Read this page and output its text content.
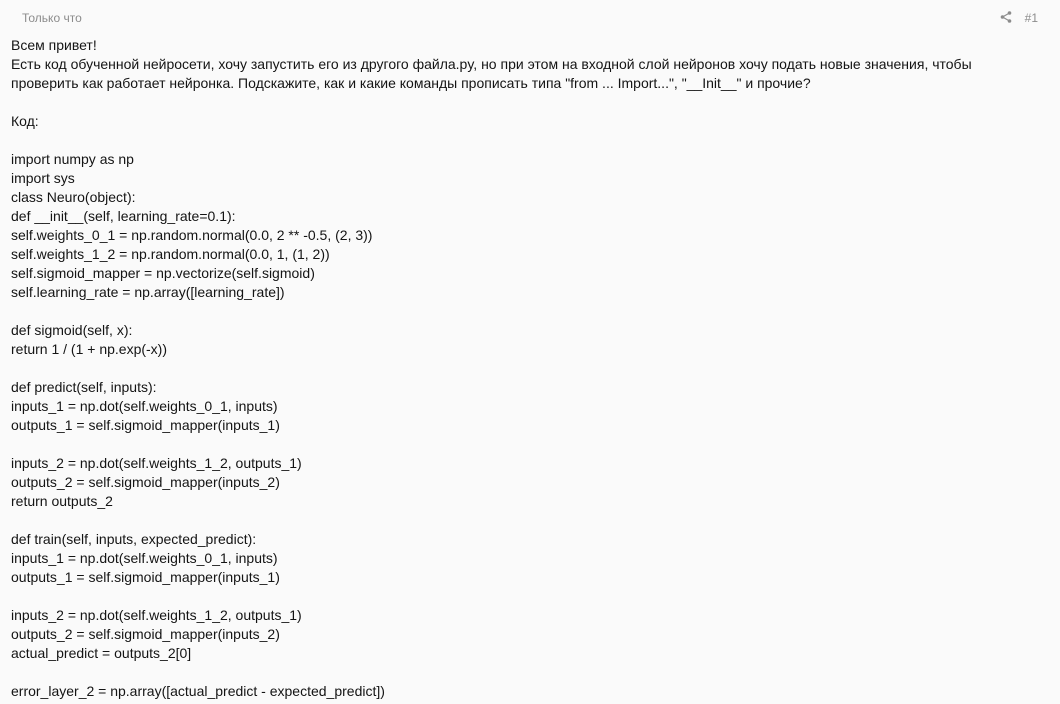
Только что	#1
Всем привет!
Есть код обученной нейросети, хочу запустить его из другого файла.py, но при этом на входной слой нейронов хочу подать новые значения, чтобы
проверить как работает нейронка. Подскажите, как и какие команды прописать типа "from ... Import...", "__Init__" и прочие?
Код:
import numpy as np
import sys
class Neuro(object):
def __init__(self, learning_rate=0.1):
self.weights_0_1 = np.random.normal(0.0, 2 ** -0.5, (2, 3))
self.weights_1_2 = np.random.normal(0.0, 1, (1, 2))
self.sigmoid_mapper = np.vectorize(self.sigmoid)
self.learning_rate = np.array([learning_rate])
def sigmoid(self, x):
return 1 / (1 + np.exp(-x))
def predict(self, inputs):
inputs_1 = np.dot(self.weights_0_1, inputs)
outputs_1 = self.sigmoid_mapper(inputs_1)
inputs_2 = np.dot(self.weights_1_2, outputs_1)
outputs_2 = self.sigmoid_mapper(inputs_2)
return outputs_2
def train(self, inputs, expected_predict):
inputs_1 = np.dot(self.weights_0_1, inputs)
outputs_1 = self.sigmoid_mapper(inputs_1)
inputs_2 = np.dot(self.weights_1_2, outputs_1)
outputs_2 = self.sigmoid_mapper(inputs_2)
actual_predict = outputs_2[0]
error_layer_2 = np.array([actual_predict - expected_predict])
